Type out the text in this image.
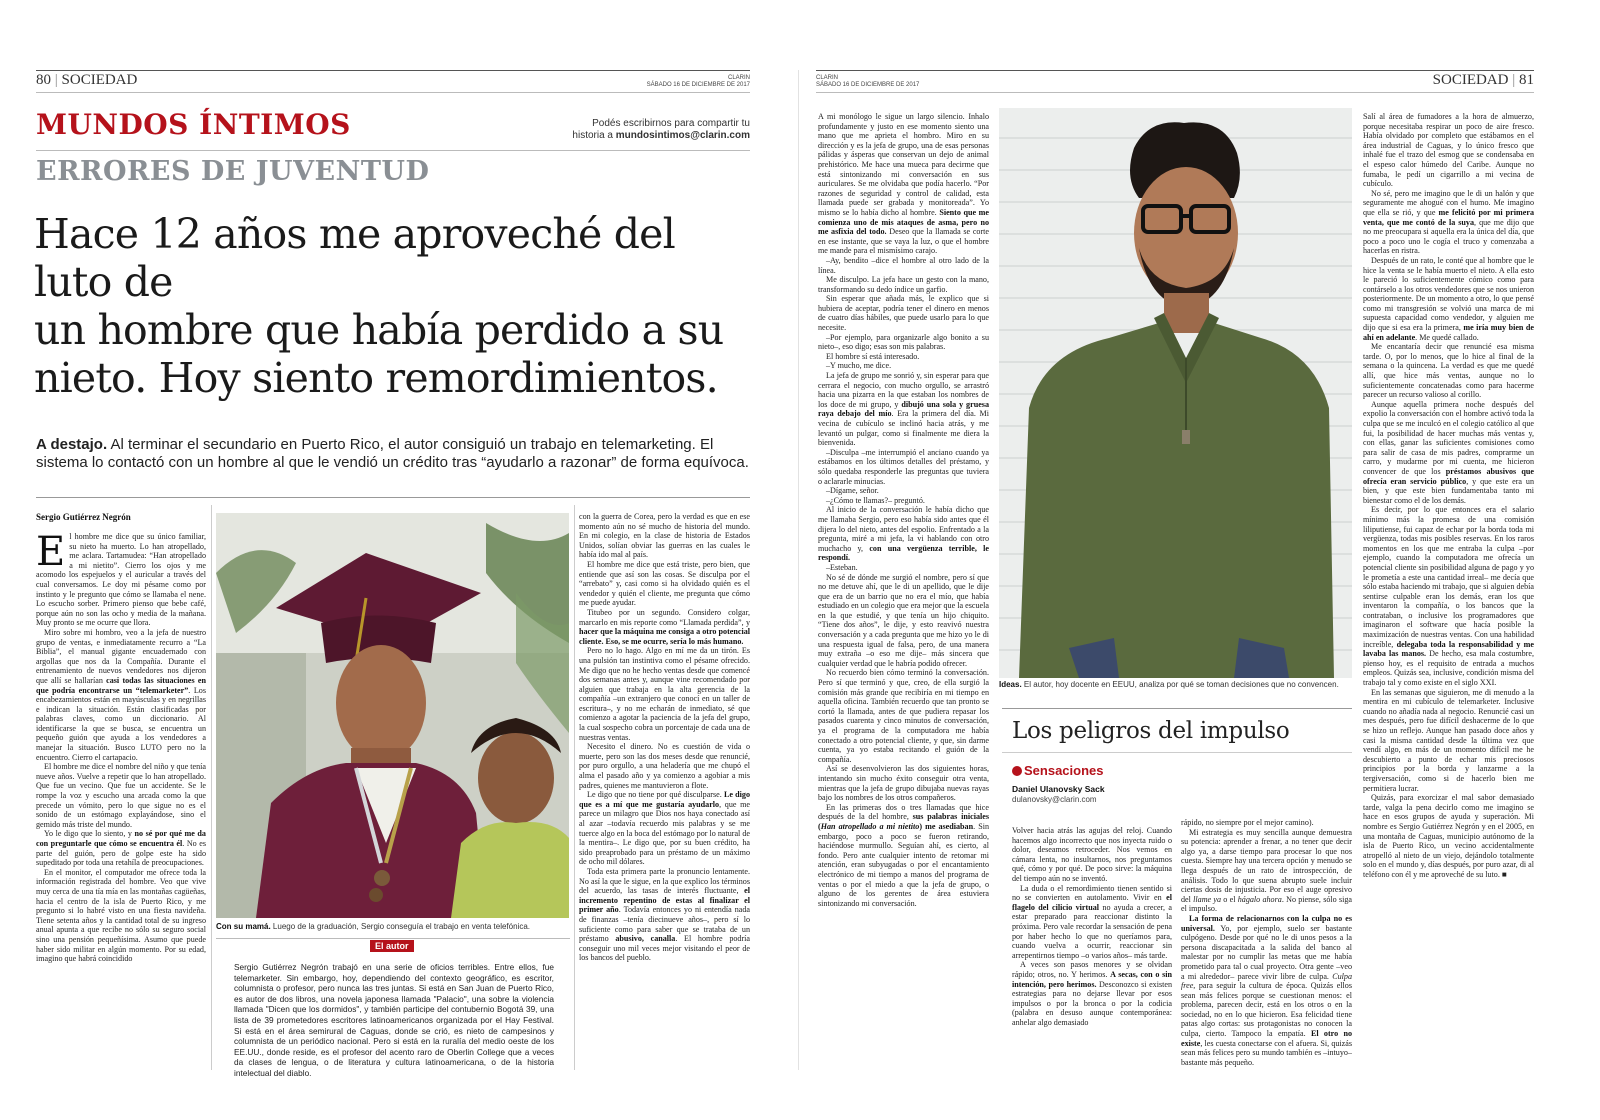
80 | SOCIEDAD	CLARIN
SÁBADO 16 DE DICIEMBRE DE 2017
MUNDOS ÍNTIMOS	Podés escribirnos para compartir tu
historia a mundosintimos@clarin.com
ERRORES DE JUVENTUD
Hace 12 años me aproveché del luto de
un hombre que había perdido a su
nieto. Hoy siento remordimientos.
A destajo. Al terminar el secundario en Puerto Rico, el autor consiguió un trabajo en telemarketing. El
sistema lo contactó con un hombre al que le vendió un crédito tras “ayudarlo a razonar” de forma equívoca.
Sergio Gutiérrez Negrón

El hombre me dice que su único familiar, su nieto ha muerto. Lo han atropellado, me aclara. Tartamudea: “Han atropellado a mi nietito”. Cierro los ojos y me acomodo los espejuelos y el auricular a través del cual conversamos. Le doy mi pésame como por instinto y le pregunto que cómo se llamaba el nene. Lo escucho sorber. Primero pienso que bebe café, porque aún no son las ocho y media de la mañana. Muy pronto se me ocurre que llora.

Miro sobre mi hombro, veo a la jefa de nuestro grupo de ventas, e inmediatamente recurro a “La Biblia”, el manual gigante encuadernado con argollas que nos da la Compañía. Durante el entrenamiento de nuevos vendedores nos dijeron que allí se hallarían casi todas las situaciones en que podría encontrarse un “telemarketer”. Los encabezamientos están en mayúsculas y en negrillas e indican la situación. Están clasificadas por palabras claves, como un diccionario. Al identificarse la que se busca, se encuentra un pequeño guión que ayuda a los vendedores a manejar la situación. Busco LUTO pero no la encuentro. Cierro el cartapacio.

El hombre me dice el nombre del niño y que tenía nueve años. Vuelve a repetir que lo han atropellado. Que fue un vecino. Que fue un accidente. Se le rompe la voz y escucho una arcada como la que precede un vómito, pero lo que sigue no es el sonido de un estómago explayándose, sino el gemido más triste del mundo.

Yo le digo que lo siento, y no sé por qué me da con preguntarle que cómo se encuentra él. No es parte del guión, pero de golpe este ha sido supeditado por toda una retahíla de preocupaciones.

En el monitor, el computador me ofrece toda la información registrada del hombre. Veo que vive muy cerca de una tía mía en las montañas cagüeñas, hacia el centro de la isla de Puerto Rico, y me pregunto si lo habré visto en una fiesta navideña. Tiene setenta años y la cantidad total de su ingreso anual apunta a que recibe no sólo su seguro social sino una pensión pequeñísima. Asumo que puede haber sido militar en algún momento. Por su edad, imagino que habrá coincidido

Con su mamá. Luego de la graduación, Sergio conseguía el trabajo en venta telefónica.
El autor
Sergio Gutiérrez Negrón trabajó en una serie de oficios terribles. Entre ellos, fue telemarketer. Sin embargo, hoy, dependiendo del contexto geográfico, es escritor, columnista o profesor, pero nunca las tres juntas. Si está en San Juan de Puerto Rico, es autor de dos libros, una novela japonesa llamada "Palacio", una sobre la violencia llamada "Dicen que los dormidos", y también participe del contubernio Bogotá 39, una lista de 39 prometedores escritores latinoamericanos organizada por el Hay Festival. Si está en el área semirural de Caguas, donde se crió, es nieto de campesinos y columnista de un periódico nacional. Pero si está en la ruralía del medio oeste de los EE.UU., donde reside, es el profesor del acento raro de Oberlin College que a veces da clases de lengua, o de literatura y cultura latinoamericana, o de la historia intelectual del diablo.

con la guerra de Corea, pero la verdad es que en ese momento aún no sé mucho de historia del mundo. En mi colegio, en la clase de historia de Estados Unidos, solían obviar las guerras en las cuales le había ido mal al país.

El hombre me dice que está triste, pero bien, que entiende que así son las cosas. Se disculpa por el “arrebato” y, casi como si ha olvidado quién es el vendedor y quién el cliente, me pregunta que cómo me puede ayudar.

Titubeo por un segundo. Considero colgar, marcarlo en mis reporte como “Llamada perdida”, y hacer que la máquina me consiga a otro potencial cliente. Eso, se me ocurre, sería lo más humano.

Pero no lo hago. Algo en mí me da un tirón. Es una pulsión tan instintiva como el pésame ofrecido. Me digo que no he hecho ventas desde que comencé dos semanas antes y, aunque vine recomendado por alguien que trabaja en la alta gerencia de la compañía –un extranjero que conocí en un taller de escritura–, y no me echarán de inmediato, sé que comienzo a agotar la paciencia de la jefa del grupo, la cual sospecho cobra un porcentaje de cada una de nuestras ventas.

Necesito el dinero. No es cuestión de vida o muerte, pero son las dos meses desde que renuncié, por puro orgullo, a una heladería que me chupó el alma el pasado año y ya comienzo a agobiar a mis padres, quienes me mantuvieron a flote.

Le digo que no tiene por qué disculparse. Le digo que es a mí que me gustaría ayudarlo, que me parece un milagro que Dios nos haya conectado así al azar –todavía recuerdo mis palabras y se me tuerce algo en la boca del estómago por lo natural de la mentira–. Le digo que, por su buen crédito, ha sido preaprobado para un préstamo de un máximo de ocho mil dólares.

Toda esta primera parte la pronuncio lentamente. No así la que le sigue, en la que explico los términos del acuerdo, las tasas de interés fluctuante, el incremento repentino de estas al finalizar el primer año. Todavía entonces yo ni entendía nada de finanzas –tenía diecinueve años–, pero sí lo suficiente como para saber que se trataba de un préstamo abusivo, canalla. El hombre podría conseguir uno mil veces mejor visitando el peor de los bancos del pueblo.

CLARIN
SÁBADO 16 DE DICIEMBRE DE 2017	SOCIEDAD | 81

A mi monólogo le sigue un largo silencio. Inhalo profundamente y justo en ese momento siento una mano que me aprieta el hombro. Miro en su dirección y es la jefa de grupo, una de esas personas pálidas y ásperas que conservan un dejo de animal prehistórico. Me hace una mueca para decirme que está sintonizando mi conversación en sus auriculares. Se me olvidaba que podía hacerlo. “Por razones de seguridad y control de calidad, esta llamada puede ser grabada y monitoreada”. Yo mismo se lo había dicho al hombre. Siento que me comienza uno de mis ataques de asma, pero no me asfixia del todo. Deseo que la llamada se corte en ese instante, que se vaya la luz, o que el hombre me mande para el mismísimo carajo.

–Ay, bendito –dice el hombre al otro lado de la línea.

Me disculpo. La jefa hace un gesto con la mano, transformando su dedo índice un garfio.

Sin esperar que añada más, le explico que si hubiera de aceptar, podría tener el dinero en menos de cuatro días hábiles, que puede usarlo para lo que necesite.

–Por ejemplo, para organizarle algo bonito a su nieto–, eso digo; esas son mis palabras.

El hombre sí está interesado.

–Y mucho, me dice.

La jefa de grupo me sonrió y, sin esperar para que cerrara el negocio, con mucho orgullo, se arrastró hacia una pizarra en la que estaban los nombres de los doce de mi grupo, y dibujó una sola y gruesa raya debajo del mío. Era la primera del día. Mi vecina de cubículo se inclinó hacia atrás, y me levantó un pulgar, como si finalmente me diera la bienvenida.

–Disculpa –me interrumpió el anciano cuando ya estábamos en los últimos detalles del préstamo, y sólo quedaba responderle las preguntas que tuviera o aclararle minucias.

–Dígame, señor.

–¿Cómo te llamas?– preguntó.

Al inicio de la conversación le había dicho que me llamaba Sergio, pero eso había sido antes que él dijera lo del nieto, antes del espolio. Enfrentado a la pregunta, miré a mi jefa, la vi hablando con otro muchacho y, con una vergüenza terrible, le respondí.

–Esteban.

No sé de dónde me surgió el nombre, pero sí que no me detuve ahí, que le di un apellido, que le dije que era de un barrio que no era el mío, que había estudiado en un colegio que era mejor que la escuela en la que estudié, y que tenía un hijo chiquito. “Tiene dos años”, le dije, y esto reavivó nuestra conversación y a cada pregunta que me hizo yo le di una respuesta igual de falsa, pero, de una manera muy extraña –o eso me dije– más sincera que cualquier verdad que le habría podido ofrecer.

No recuerdo bien cómo terminó la conversación. Pero sí que terminó y que, creo, de ella surgió la comisión más grande que recibiría en mi tiempo en aquella oficina. También recuerdo que tan pronto se cortó la llamada, antes de que pudiera repasar los pasados cuarenta y cinco minutos de conversación, ya el programa de la computadora me había conectado a otro potencial cliente, y que, sin darme cuenta, ya yo estaba recitando el guión de la compañía.

Así se desenvolvieron las dos siguientes horas, intentando sin mucho éxito conseguir otra venta, mientras que la jefa de grupo dibujaba nuevas rayas bajo los nombres de los otros compañeros.

En las primeras dos o tres llamadas que hice después de la del hombre, sus palabras iniciales (Han atropellado a mi nietito) me asediaban. Sin embargo, poco a poco se fueron retirando, haciéndose murmullo. Seguían ahí, es cierto, al fondo. Pero ante cualquier intento de retomar mi atención, eran subyugadas o por el encantamiento electrónico de mi tiempo a manos del programa de ventas o por el miedo a que la jefa de grupo, o alguno de los gerentes de área estuviera sintonizando mi conversación.

Ideas. El autor, hoy docente en EEUU, analiza por qué se toman decisiones que no convencen.
Los peligros del impulso
Sensaciones
Daniel Ulanovsky Sack
dulanovsky@clarin.com

Volver hacia atrás las agujas del reloj. Cuando hacemos algo incorrecto que nos inyecta ruido o dolor, deseamos retroceder. Nos vemos en cámara lenta, no insultarnos, nos preguntamos qué, cómo y por qué. De poco sirve: la máquina del tiempo aún no se inventó.

La duda o el remordimiento tienen sentido si no se convierten en autolamento. Vivir en el flagelo del cilicio virtual no ayuda a crecer, a estar preparado para reaccionar distinto la próxima. Pero vale recordar la sensación de pena por haber hecho lo que no queríamos para, cuando vuelva a ocurrir, reaccionar sin arrepentirnos tiempo –o varios años– más tarde.

A veces son pasos menores y se olvidan rápido; otros, no. Y herimos. A secas, con o sin intención, pero herimos. Desconozco si existen estrategias para no dejarse llevar por esos impulsos o por la bronca o por la codicia (palabra en desuso aunque contemporánea: anhelar algo demasiado

rápido, no siempre por el mejor camino).

Mi estrategia es muy sencilla aunque demuestra su potencia: aprender a frenar, a no tener que decir algo ya, a darse tiempo para procesar lo que nos cuesta. Siempre hay una tercera opción y menudo se llega después de un rato de introspección, de análisis. Todo lo que suena abrupto suele incluir ciertas dosis de injusticia. Por eso el auge opresivo del llame ya o el hágalo ahora. No piense, sólo siga el impulso.

La forma de relacionarnos con la culpa no es universal. Yo, por ejemplo, suelo ser bastante culpógeno. Desde por qué no le di unos pesos a la persona discapacitada a la salida del banco al malestar por no cumplir las metas que me había prometido para tal o cual proyecto. Otra gente –veo a mi alrededor– parece vivir libre de culpa. Culpa free, para seguir la cultura de época. Quizás ellos sean más felices porque se cuestionan menos: el problema, parecen decir, está en los otros o en la sociedad, no en lo que hicieron. Esa felicidad tiene patas algo cortas: sus protagonistas no conocen la culpa, cierto. Tampoco la empatía. El otro no existe, les cuesta conectarse con el afuera. Si, quizás sean más felices pero su mundo también es –intuyo– bastante más pequeño.

Salí al área de fumadores a la hora de almuerzo, porque necesitaba respirar un poco de aire fresco. Había olvidado por completo que estábamos en el área industrial de Caguas, y lo único fresco que inhalé fue el trazo del esmog que se condensaba en el espeso calor húmedo del Caribe. Aunque no fumaba, le pedí un cigarrillo a mi vecina de cubículo.

No sé, pero me imagino que le di un halón y que seguramente me ahogué con el humo. Me imagino que ella se rió, y que me felicitó por mi primera venta, que me contó de la suya, que me dijo que no me preocupara si aquella era la única del día, que poco a poco uno le cogía el truco y comenzaba a hacerlas en ristra.

Después de un rato, le conté que al hombre que le hice la venta se le había muerto el nieto. A ella esto le pareció lo suficientemente cómico como para contárselo a los otros vendedores que se nos unieron posteriormente. De un momento a otro, lo que pensé como mi transgresión se volvió una marca de mi supuesta capacidad como vendedor, y alguien me dijo que si esa era la primera, me iría muy bien de ahí en adelante. Me quedé callado.

Me encantaría decir que renuncié esa misma tarde. O, por lo menos, que lo hice al final de la semana o la quincena. La verdad es que me quedé allí, que hice más ventas, aunque no lo suficientemente concatenadas como para hacerme parecer un recurso valioso al corillo.

Aunque aquella primera noche después del expolio la conversación con el hombre activó toda la culpa que se me inculcó en el colegio católico al que fui, la posibilidad de hacer muchas más ventas y, con ellas, ganar las suficientes comisiones como para salir de casa de mis padres, comprarme un carro, y mudarme por mi cuenta, me hicieron convencer de que los préstamos abusivos que ofrecía eran servicio público, y que este era un bien, y que este bien fundamentaba tanto mi bienestar como el de los demás.

Es decir, por lo que entonces era el salario mínimo más la promesa de una comisión liliputiense, fui capaz de echar por la borda toda mi vergüenza, todas mis posibles reservas. En los raros momentos en los que me entraba la culpa –por ejemplo, cuando la computadora me ofrecía un potencial cliente sin posibilidad alguna de pago y yo le prometía a este una cantidad irreal– me decía que sólo estaba haciendo mi trabajo, que si alguien debía sentirse culpable eran los demás, eran los que inventaron la compañía, o los bancos que la contrataban, o inclusive los programadores que imaginaron el software que hacía posible la maximización de nuestras ventas. Con una habilidad increíble, delegaba toda la responsabilidad y me lavaba las manos. De hecho, esa mala costumbre, pienso hoy, es el requisito de entrada a muchos empleos. Quizás sea, inclusive, condición misma del trabajo tal y como existe en el siglo XXI.

En las semanas que siguieron, me di menudo a la mentira en mi cubículo de telemarketer. Inclusive cuando no añadía nada al negocio. Renuncié casi un mes después, pero fue difícil deshacerme de lo que se hizo un reflejo. Aunque han pasado doce años y casi la misma cantidad desde la última vez que vendí algo, en más de un momento difícil me he descubierto a punto de echar mis preciosos principios por la borda y lanzarme a la tergiversación, como si de hacerlo bien me permitiera lucrar.

Quizás, para exorcizar el mal sabor demasiado tarde, valga la pena decirlo como me imagino se hace en esos grupos de ayuda y superación. Mi nombre es Sergio Gutiérrez Negrón y en el 2005, en una montaña de Caguas, municipio autónomo de la isla de Puerto Rico, un vecino accidentalmente atropelló al nieto de un viejo, dejándolo totalmente solo en el mundo y, días después, por puro azar, di al teléfono con él y me aproveché de su luto. ■
